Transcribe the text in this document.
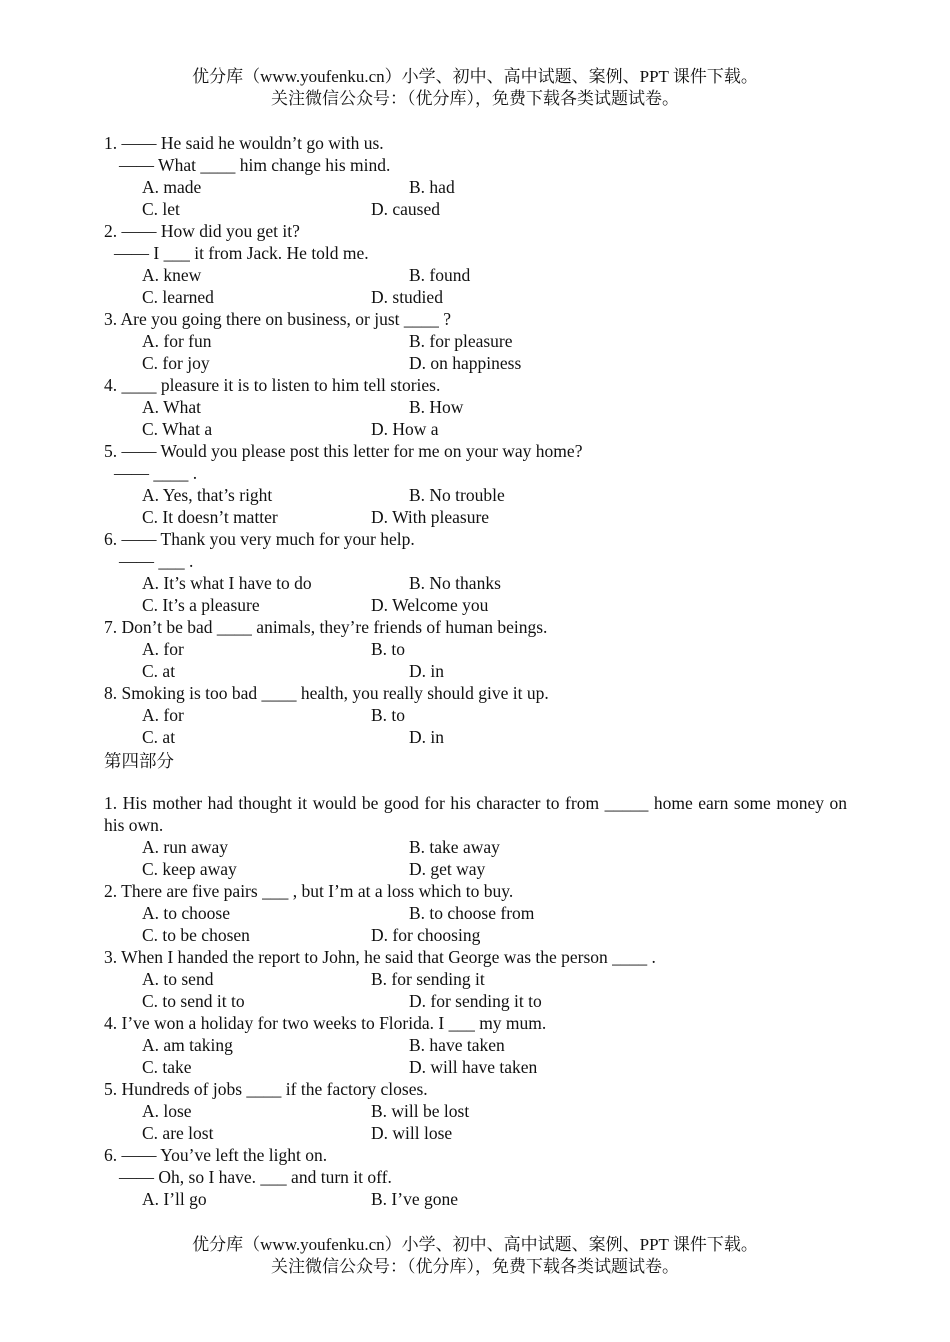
优分库（www.youfenku.cn）小学、初中、高中试题、案例、PPT 课件下载。
关注微信公众号：（优分库），免费下载各类试题试卷。
1. —— He said he wouldn’t go with us.
—— What ____ him change his mind.
A. made	B. had
C. let	D. caused
2. —— How did you get it?
—— I ___ it from Jack. He told me.
A. knew	B. found
C. learned	D. studied
3. Are you going there on business, or just ____ ?
A. for fun	B. for pleasure
C. for joy	D. on happiness
4. ____ pleasure it is to listen to him tell stories.
A. What	B. How
C. What a	D. How a
5. —— Would you please post this letter for me on your way home?
—— ____ .
A. Yes, that’s right	B. No trouble
C. It doesn’t matter	D. With pleasure
6. —— Thank you very much for your help.
—— ___ .
A. It’s what I have to do	B. No thanks
C. It’s a pleasure	D. Welcome you
7. Don’t be bad ____ animals, they’re friends of human beings.
A. for	B. to
C. at	D. in
8. Smoking is too bad ____ health, you really should give it up.
A. for	B. to
C. at	D. in
第四部分
1. His mother had thought it would be good for his character to from _____ home earn some money on his own.
A. run away	B. take away
C. keep away	D. get way
2. There are five pairs ___ , but I’m at a loss which to buy.
A. to choose	B. to choose from
C. to be chosen	D. for choosing
3. When I handed the report to John, he said that George was the person ____ .
A. to send	B. for sending it
C. to send it to	D. for sending it to
4. I’ve won a holiday for two weeks to Florida. I ___ my mum.
A. am taking	B. have taken
C. take	D. will have taken
5. Hundreds of jobs ____ if the factory closes.
A. lose	B. will be lost
C. are lost	D. will lose
6. —— You’ve left the light on.
—— Oh, so I have. ___ and turn it off.
A. I’ll go	B. I’ve gone
优分库（www.youfenku.cn）小学、初中、高中试题、案例、PPT 课件下载。
关注微信公众号：（优分库），免费下载各类试题试卷。
